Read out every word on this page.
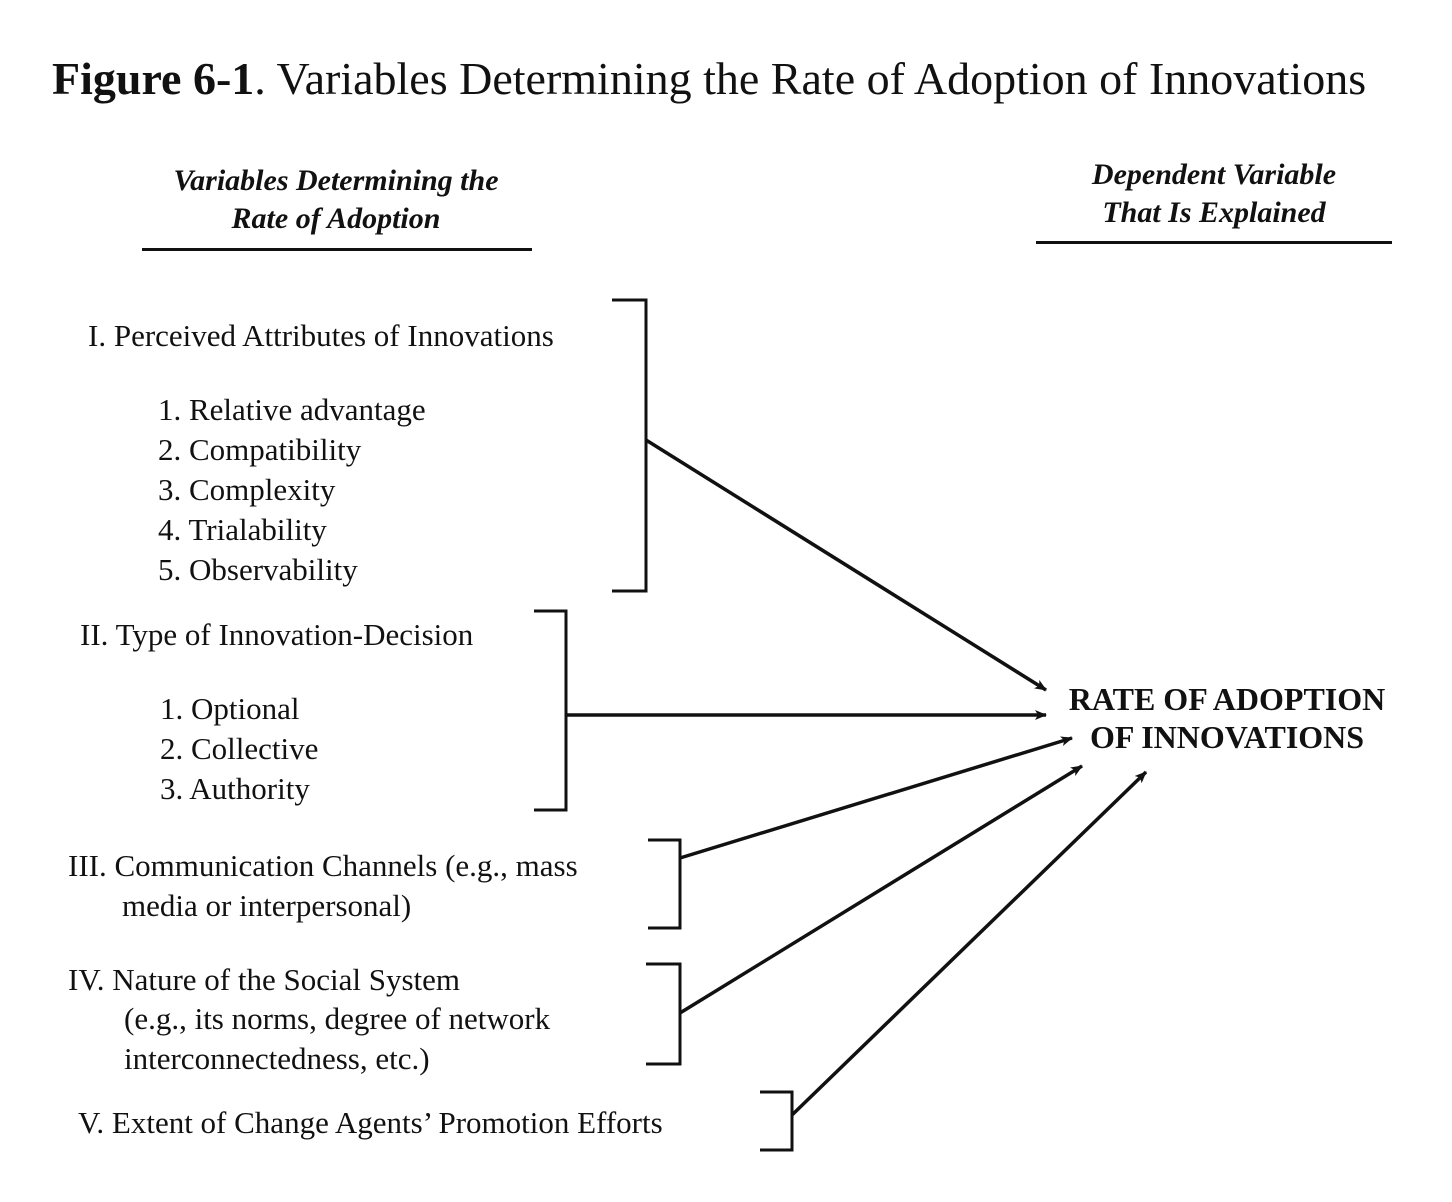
Figure 6-1. Variables Determining the Rate of Adoption of Innovations
Variables Determining the
Rate of Adoption
Dependent Variable
That Is Explained
I. Perceived Attributes of Innovations
1. Relative advantage
2. Compatibility
3. Complexity
4. Trialability
5. Observability
II. Type of Innovation-Decision
1. Optional
2. Collective
3. Authority
III. Communication Channels (e.g., mass
media or interpersonal)
IV. Nature of the Social System
(e.g., its norms, degree of network
interconnectedness, etc.)
V. Extent of Change Agents’ Promotion Efforts
RATE OF ADOPTION
OF INNOVATIONS
